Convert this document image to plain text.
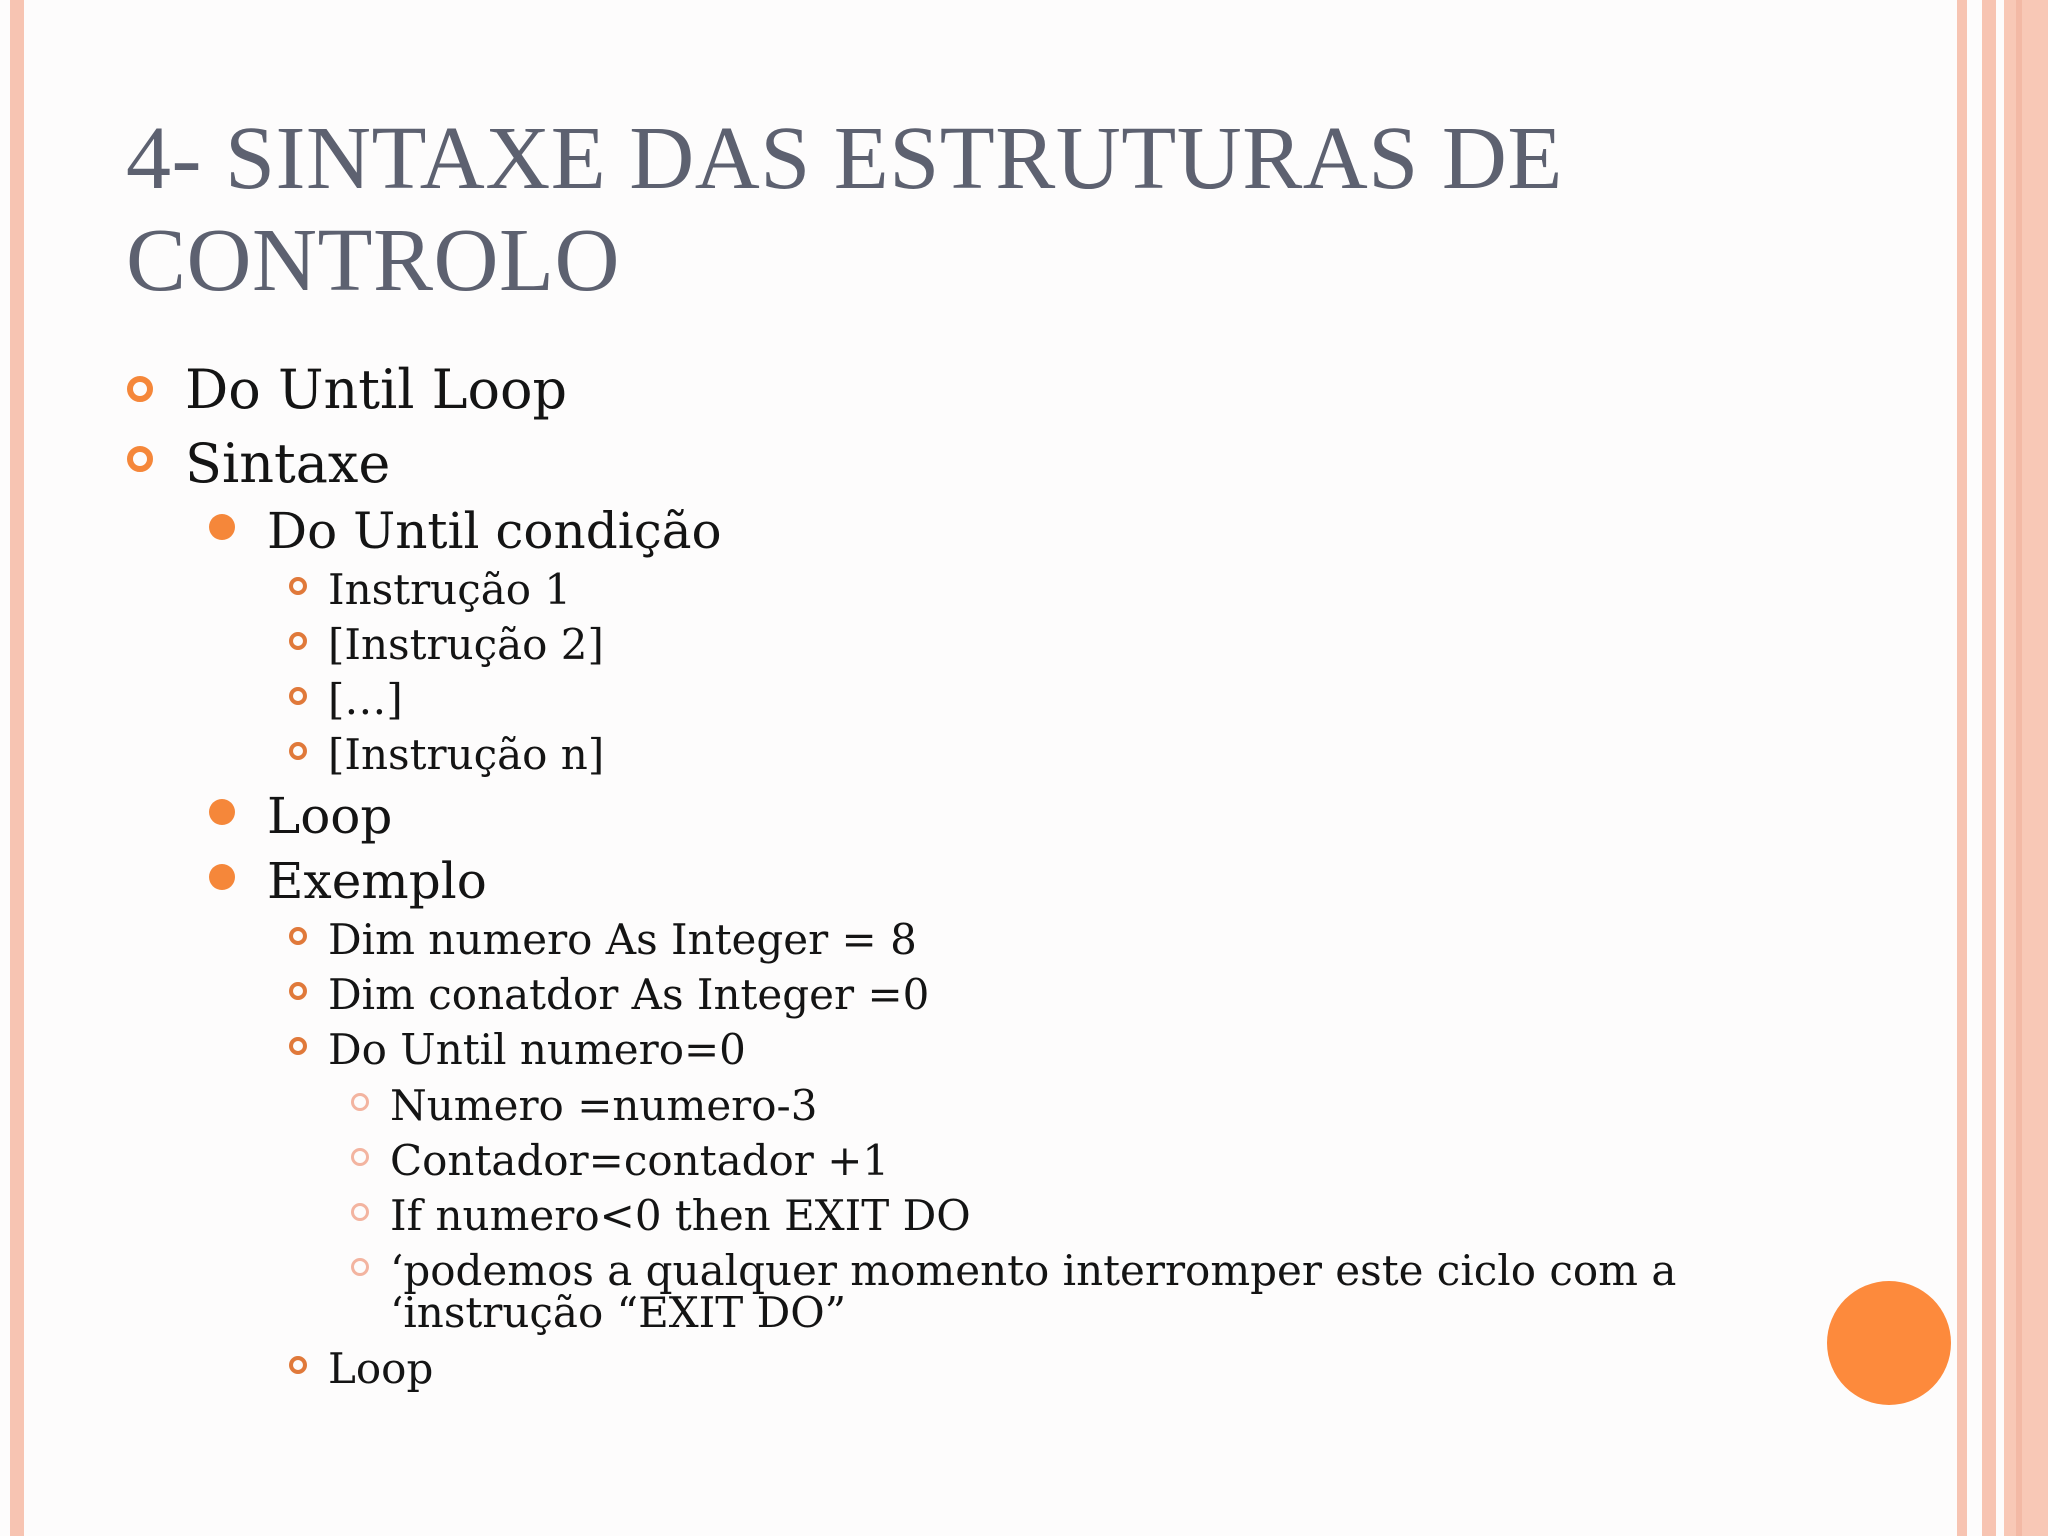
4- SINTAXE DAS ESTRUTURAS DE CONTROLO
Do Until Loop
Sintaxe
Do Until condição
Instrução 1
[Instrução 2]
[…]
[Instrução n]
Loop
Exemplo
Dim numero As Integer = 8
Dim conatdor As Integer =0
Do Until numero=0
Numero =numero-3
Contador=contador +1
If numero<0 then EXIT DO
‘podemos a qualquer momento interromper este ciclo com a ‘instrução “EXIT DO”
Loop
